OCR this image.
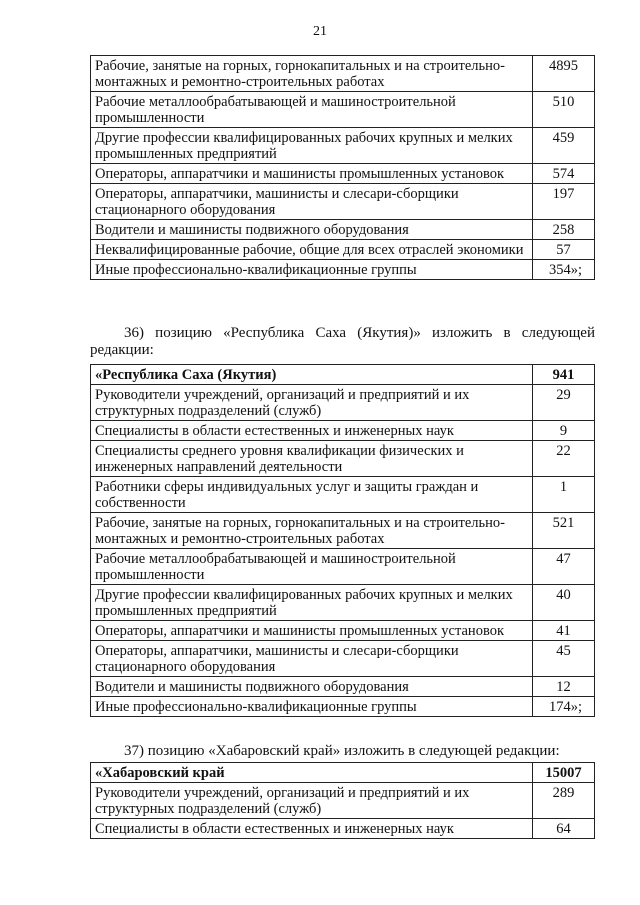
21
Рабочие, занятые на горных, горнокапитальных и на строительно-монтажных и ремонтно-строительных работах	4895
Рабочие металлообрабатывающей и машиностроительной промышленности	510
Другие профессии квалифицированных рабочих крупных и мелких промышленных предприятий	459
Операторы, аппаратчики и машинисты промышленных установок	574
Операторы, аппаратчики, машинисты и слесари-сборщики стационарного оборудования	197
Водители и машинисты подвижного оборудования	258
Неквалифицированные рабочие, общие для всех отраслей экономики	57
Иные профессионально-квалификационные группы	354»;
36) позицию «Республика Саха (Якутия)» изложить в следующей редакции:
«Республика Саха (Якутия)	941
Руководители учреждений, организаций и предприятий и их структурных подразделений (служб)	29
Специалисты в области естественных и инженерных наук	9
Специалисты среднего уровня квалификации физических и инженерных направлений деятельности	22
Работники сферы индивидуальных услуг и защиты граждан и собственности	1
Рабочие, занятые на горных, горнокапитальных и на строительно-монтажных и ремонтно-строительных работах	521
Рабочие металлообрабатывающей и машиностроительной промышленности	47
Другие профессии квалифицированных рабочих крупных и мелких промышленных предприятий	40
Операторы, аппаратчики и машинисты промышленных установок	41
Операторы, аппаратчики, машинисты и слесари-сборщики стационарного оборудования	45
Водители и машинисты подвижного оборудования	12
Иные профессионально-квалификационные группы	174»;
37) позицию «Хабаровский край» изложить в следующей редакции:
«Хабаровский край	15007
Руководители учреждений, организаций и предприятий и их структурных подразделений (служб)	289
Специалисты в области естественных и инженерных наук	64
